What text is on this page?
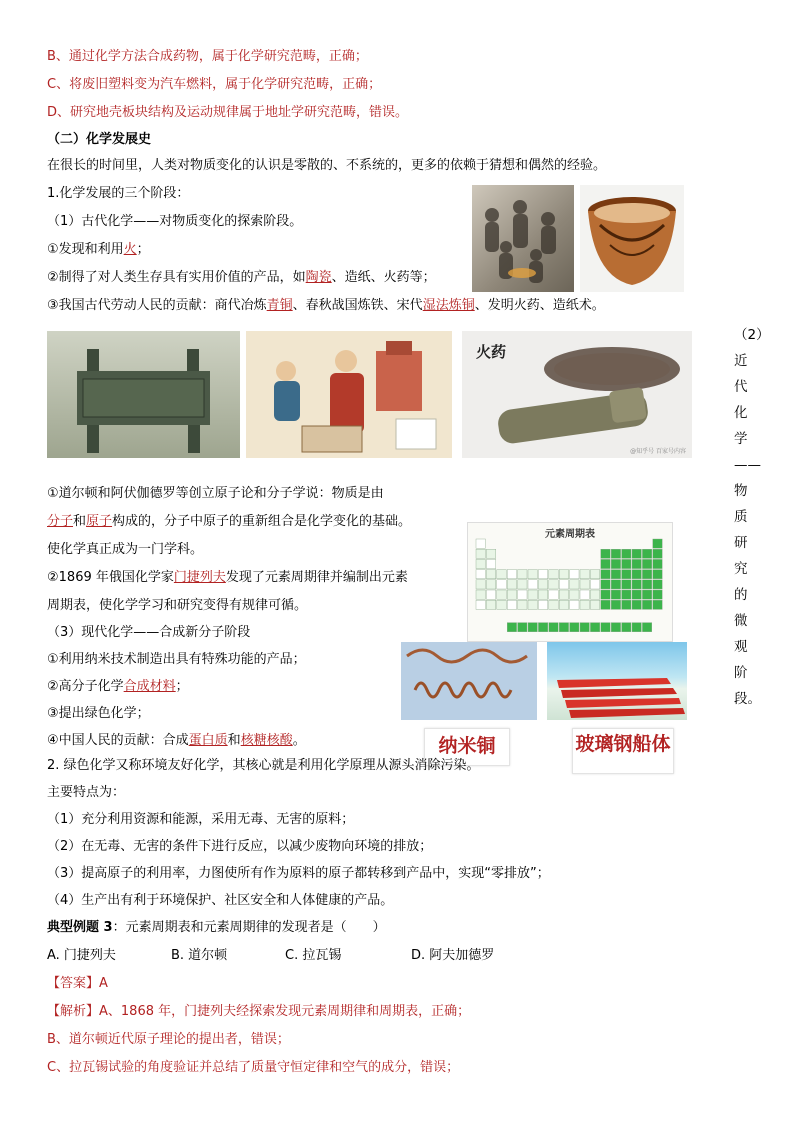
B、通过化学方法合成药物，属于化学研究范畴，正确；
C、将废旧塑料变为汽车燃料，属于化学研究范畴，正确；
D、研究地壳板块结构及运动规律属于地址学研究范畴，错误。
（二）化学发展史
在很长的时间里，人类对物质变化的认识是零散的、不系统的，更多的依赖于猜想和偶然的经验。
1.化学发展的三个阶段：
（1）古代化学——对物质变化的探索阶段。
①发现和利用火；
②制得了对人类生存具有实用价值的产品，如陶瓷、造纸、火药等；
③我国古代劳动人民的贡献：商代冶炼青铜、春秋战国炼铁、宋代湿法炼铜、发明火药、造纸术。
火药
@知乎号 百家号内容
（2）近代化学——物质研究的微观阶段。
①道尔顿和阿伏伽德罗等创立原子论和分子学说：物质是由
分子和原子构成的，分子中原子的重新组合是化学变化的基础。
使化学真正成为一门学科。
②1869 年俄国化学家门捷列夫发现了元素周期律并编制出元素
周期表，使化学学习和研究变得有规律可循。
元素周期表
（3）现代化学——合成新分子阶段
①利用纳米技术制造出具有特殊功能的产品；
②高分子化学合成材料；
③提出绿色化学；
④中国人民的贡献：合成蛋白质和核糖核酸。	纳米铜	玻璃钢船体
2. 绿色化学又称环境友好化学，其核心就是利用化学原理从源头消除污染。
主要特点为：
（1）充分利用资源和能源，采用无毒、无害的原料；
（2）在无毒、无害的条件下进行反应，以减少废物向环境的排放；
（3）提高原子的利用率，力图使所有作为原料的原子都转移到产品中，实现“零排放”；
（4）生产出有利于环境保护、社区安全和人体健康的产品。
典型例题 3：元素周期表和元素周期律的发现者是（　　）
A. 门捷列夫	B. 道尔顿	C. 拉瓦锡	D. 阿夫加德罗
【答案】A
【解析】A、1868 年，门捷列夫经探索发现元素周期律和周期表，正确；
B、道尔顿近代原子理论的提出者，错误；
C、拉瓦锡试验的角度验证并总结了质量守恒定律和空气的成分，错误；
